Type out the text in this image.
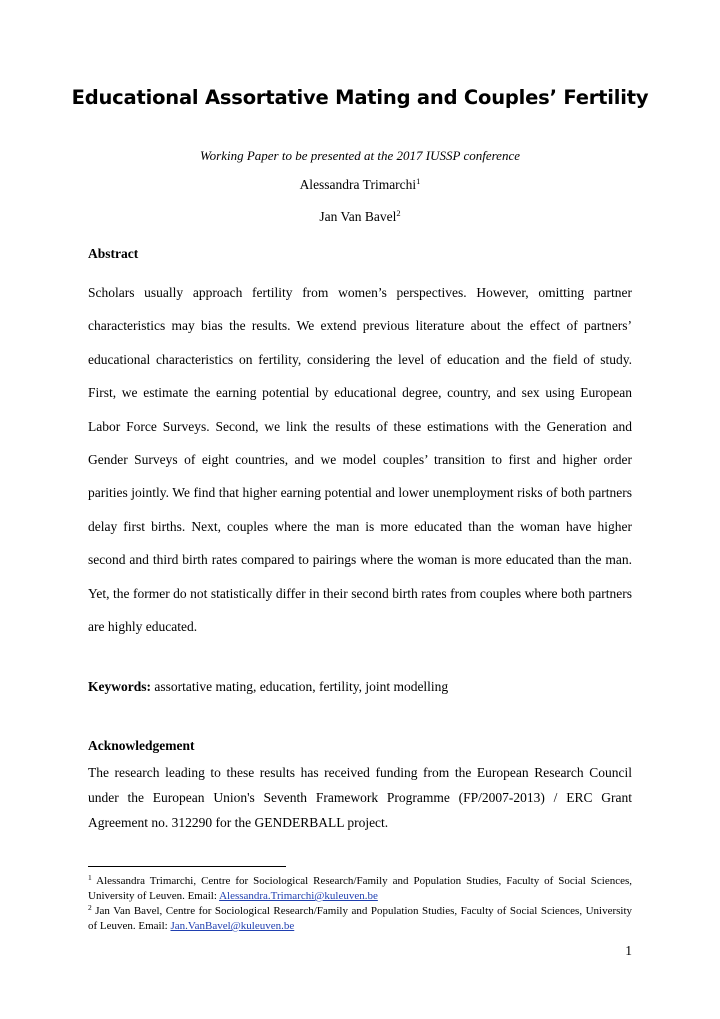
Educational Assortative Mating and Couples’ Fertility

Working Paper to be presented at the 2017 IUSSP conference

Alessandra Trimarchi$^1$

Jan Van Bavel$^2$

Abstract

Scholars usually approach fertility from women’s perspectives. However, omitting partner characteristics may bias the results. We extend previous literature about the effect of partners’ educational characteristics on fertility, considering the level of education and the field of study. First, we estimate the earning potential by educational degree, country, and sex using European Labor Force Surveys. Second, we link the results of these estimations with the Generation and Gender Surveys of eight countries, and we model couples’ transition to first and higher order parities jointly. We find that higher earning potential and lower unemployment risks of both partners delay first births. Next, couples where the man is more educated than the woman have higher second and third birth rates compared to pairings where the woman is more educated than the man. Yet, the former do not statistically differ in their second birth rates from couples where both partners are highly educated.

Keywords: assortative mating, education, fertility, joint modelling

Acknowledgement

The research leading to these results has received funding from the European Research Council under the European Union's Seventh Framework Programme (FP/2007-2013) / ERC Grant Agreement no. 312290 for the GENDERBALL project.

$^1$ Alessandra Trimarchi, Centre for Sociological Research/Family and Population Studies, Faculty of Social Sciences, University of Leuven. Email: Alessandra.Trimarchi@kuleuven.be

$^2$ Jan Van Bavel, Centre for Sociological Research/Family and Population Studies, Faculty of Social Sciences, University of Leuven. Email: Jan.VanBavel@kuleuven.be

1
